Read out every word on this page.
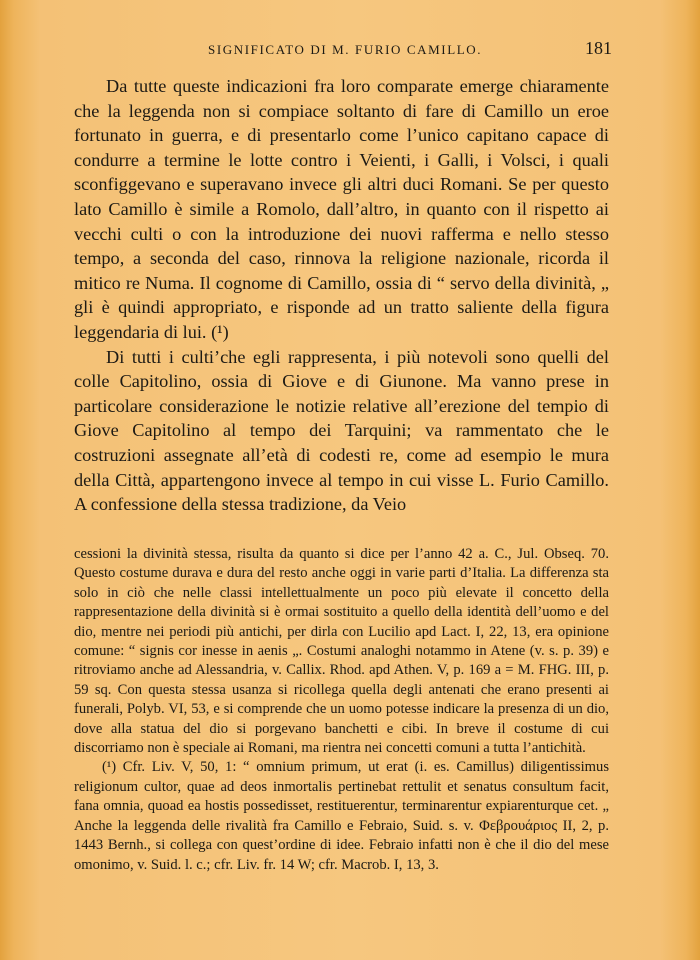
SIGNIFICATO DI M. FURIO CAMILLO.	181

Da tutte queste indicazioni fra loro comparate emerge chiaramente che la leggenda non si compiace soltanto di fare di Camillo un eroe fortunato in guerra, e di presentarlo come l’unico capitano capace di condurre a termine le lotte contro i Veienti, i Galli, i Volsci, i quali sconfiggevano e superavano invece gli altri duci Romani. Se per questo lato Camillo è simile a Romolo, dall’altro, in quanto con il rispetto ai vecchi culti o con la introduzione dei nuovi rafferma e nello stesso tempo, a seconda del caso, rinnova la religione nazionale, ricorda il mitico re Numa. Il cognome di Camillo, ossia di “ servo della divinità, „ gli è quindi appropriato, e risponde ad un tratto saliente della figura leggendaria di lui. (¹)

Di tutti i culti’che egli rappresenta, i più notevoli sono quelli del colle Capitolino, ossia di Giove e di Giunone. Ma vanno prese in particolare considerazione le notizie relative all’erezione del tempio di Giove Capitolino al tempo dei Tarquini; va rammentato che le costruzioni assegnate all’età di codesti re, come ad esempio le mura della Città, appartengono invece al tempo in cui visse L. Furio Camillo. A confessione della stessa tradizione, da Veio

cessioni la divinità stessa, risulta da quanto si dice per l’anno 42 a. C., Jul. Obseq. 70. Questo costume durava e dura del resto anche oggi in varie parti d’Italia. La differenza sta solo in ciò che nelle classi intellettualmente un poco più elevate il concetto della rappresentazione della divinità si è ormai sostituito a quello della identità dell’uomo e del dio, mentre nei periodi più antichi, per dirla con Lucilio apd Lact. I, 22, 13, era opinione comune: “ signis cor inesse in aenis „. Costumi analoghi notammo in Atene (v. s. p. 39) e ritroviamo anche ad Alessandria, v. Callix. Rhod. apd Athen. V, p. 169 a = M. FHG. III, p. 59 sq. Con questa stessa usanza si ricollega quella degli antenati che erano presenti ai funerali, Polyb. VI, 53, e si comprende che un uomo potesse indicare la presenza di un dio, dove alla statua del dio si porgevano banchetti e cibi. In breve il costume di cui discorriamo non è speciale ai Romani, ma rientra nei concetti comuni a tutta l’antichità.

(¹) Cfr. Liv. V, 50, 1: “ omnium primum, ut erat (i. es. Camillus) diligentissimus religionum cultor, quae ad deos inmortalis pertinebat rettulit et senatus consultum facit, fana omnia, quoad ea hostis possedisset, restituerentur, terminarentur expiarenturque cet. „ Anche la leggenda delle rivalità fra Camillo e Febraio, Suid. s. v. Φεβρουάριος II, 2, p. 1443 Bernh., si collega con quest’ordine di idee. Febraio infatti non è che il dio del mese omonimo, v. Suid. l. c.; cfr. Liv. fr. 14 W; cfr. Macrob. I, 13, 3.
